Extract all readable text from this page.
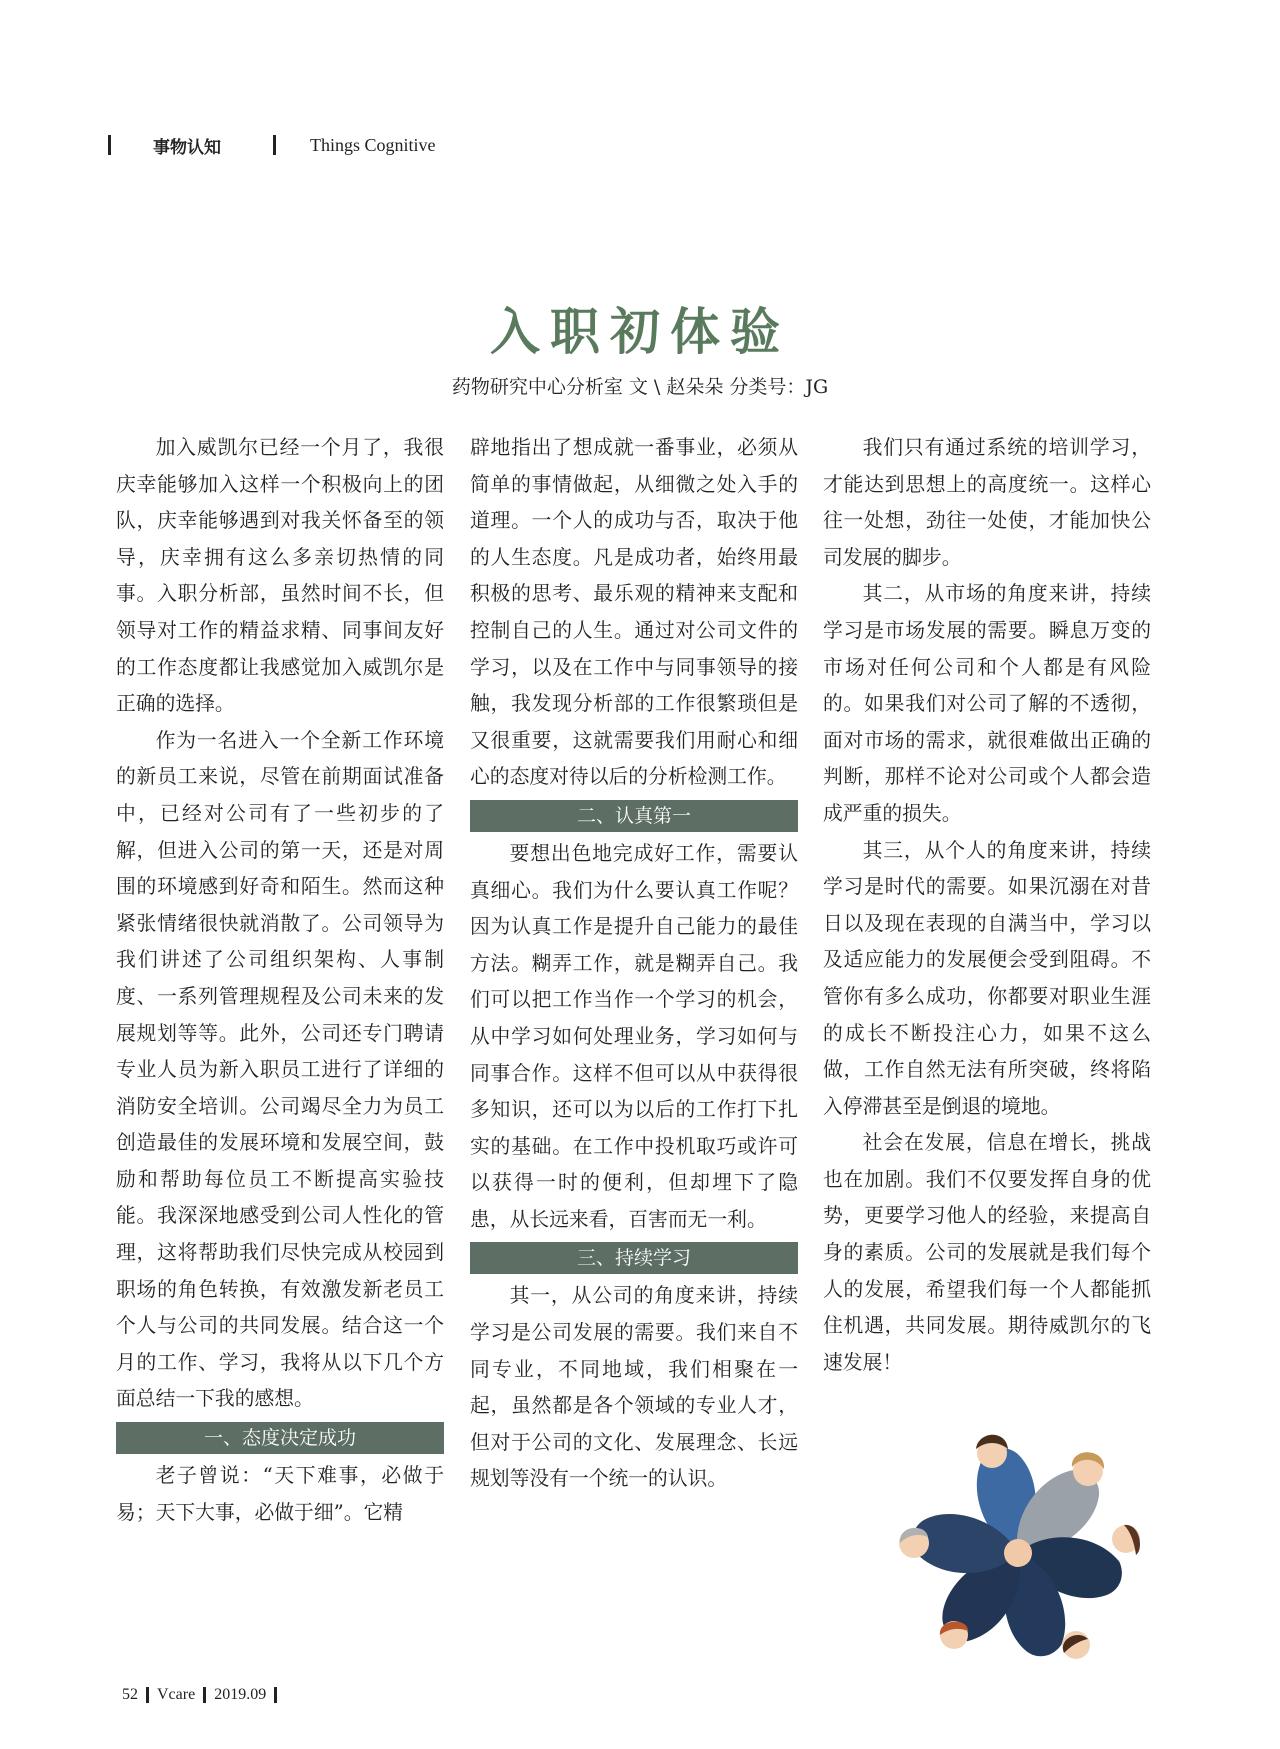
事物认知	Things Cognitive
入职初体验
药物研究中心分析室 文 \ 赵朵朵 分类号：JG

加入威凯尔已经一个月了，我很庆幸能够加入这样一个积极向上的团队，庆幸能够遇到对我关怀备至的领导，庆幸拥有这么多亲切热情的同事。入职分析部，虽然时间不长，但领导对工作的精益求精、同事间友好的工作态度都让我感觉加入威凯尔是正确的选择。

作为一名进入一个全新工作环境的新员工来说，尽管在前期面试准备中，已经对公司有了一些初步的了解，但进入公司的第一天，还是对周围的环境感到好奇和陌生。然而这种紧张情绪很快就消散了。公司领导为我们讲述了公司组织架构、人事制度、一系列管理规程及公司未来的发展规划等等。此外，公司还专门聘请专业人员为新入职员工进行了详细的消防安全培训。公司竭尽全力为员工创造最佳的发展环境和发展空间，鼓励和帮助每位员工不断提高实验技能。我深深地感受到公司人性化的管理，这将帮助我们尽快完成从校园到职场的角色转换，有效激发新老员工个人与公司的共同发展。结合这一个月的工作、学习，我将从以下几个方面总结一下我的感想。

一、态度决定成功

老子曾说：“天下难事，必做于易；天下大事，必做于细”。它精

辟地指出了想成就一番事业，必须从简单的事情做起，从细微之处入手的道理。一个人的成功与否，取决于他的人生态度。凡是成功者，始终用最积极的思考、最乐观的精神来支配和控制自己的人生。通过对公司文件的学习，以及在工作中与同事领导的接触，我发现分析部的工作很繁琐但是又很重要，这就需要我们用耐心和细心的态度对待以后的分析检测工作。

二、认真第一

要想出色地完成好工作，需要认真细心。我们为什么要认真工作呢？因为认真工作是提升自己能力的最佳方法。糊弄工作，就是糊弄自己。我们可以把工作当作一个学习的机会，从中学习如何处理业务，学习如何与同事合作。这样不但可以从中获得很多知识，还可以为以后的工作打下扎实的基础。在工作中投机取巧或许可以获得一时的便利，但却埋下了隐患，从长远来看，百害而无一利。

三、持续学习

其一，从公司的角度来讲，持续学习是公司发展的需要。我们来自不同专业，不同地域，我们相聚在一起，虽然都是各个领域的专业人才，但对于公司的文化、发展理念、长远规划等没有一个统一的认识。

我们只有通过系统的培训学习，才能达到思想上的高度统一。这样心往一处想，劲往一处使，才能加快公司发展的脚步。

其二，从市场的角度来讲，持续学习是市场发展的需要。瞬息万变的市场对任何公司和个人都是有风险的。如果我们对公司了解的不透彻，面对市场的需求，就很难做出正确的判断，那样不论对公司或个人都会造成严重的损失。

其三，从个人的角度来讲，持续学习是时代的需要。如果沉溺在对昔日以及现在表现的自满当中，学习以及适应能力的发展便会受到阻碍。不管你有多么成功，你都要对职业生涯的成长不断投注心力，如果不这么做，工作自然无法有所突破，终将陷入停滞甚至是倒退的境地。

社会在发展，信息在增长，挑战也在加剧。我们不仅要发挥自身的优势，更要学习他人的经验，来提高自身的素质。公司的发展就是我们每个人的发展，希望我们每一个人都能抓住机遇，共同发展。期待威凯尔的飞速发展！

52 Vcare 2019.09
